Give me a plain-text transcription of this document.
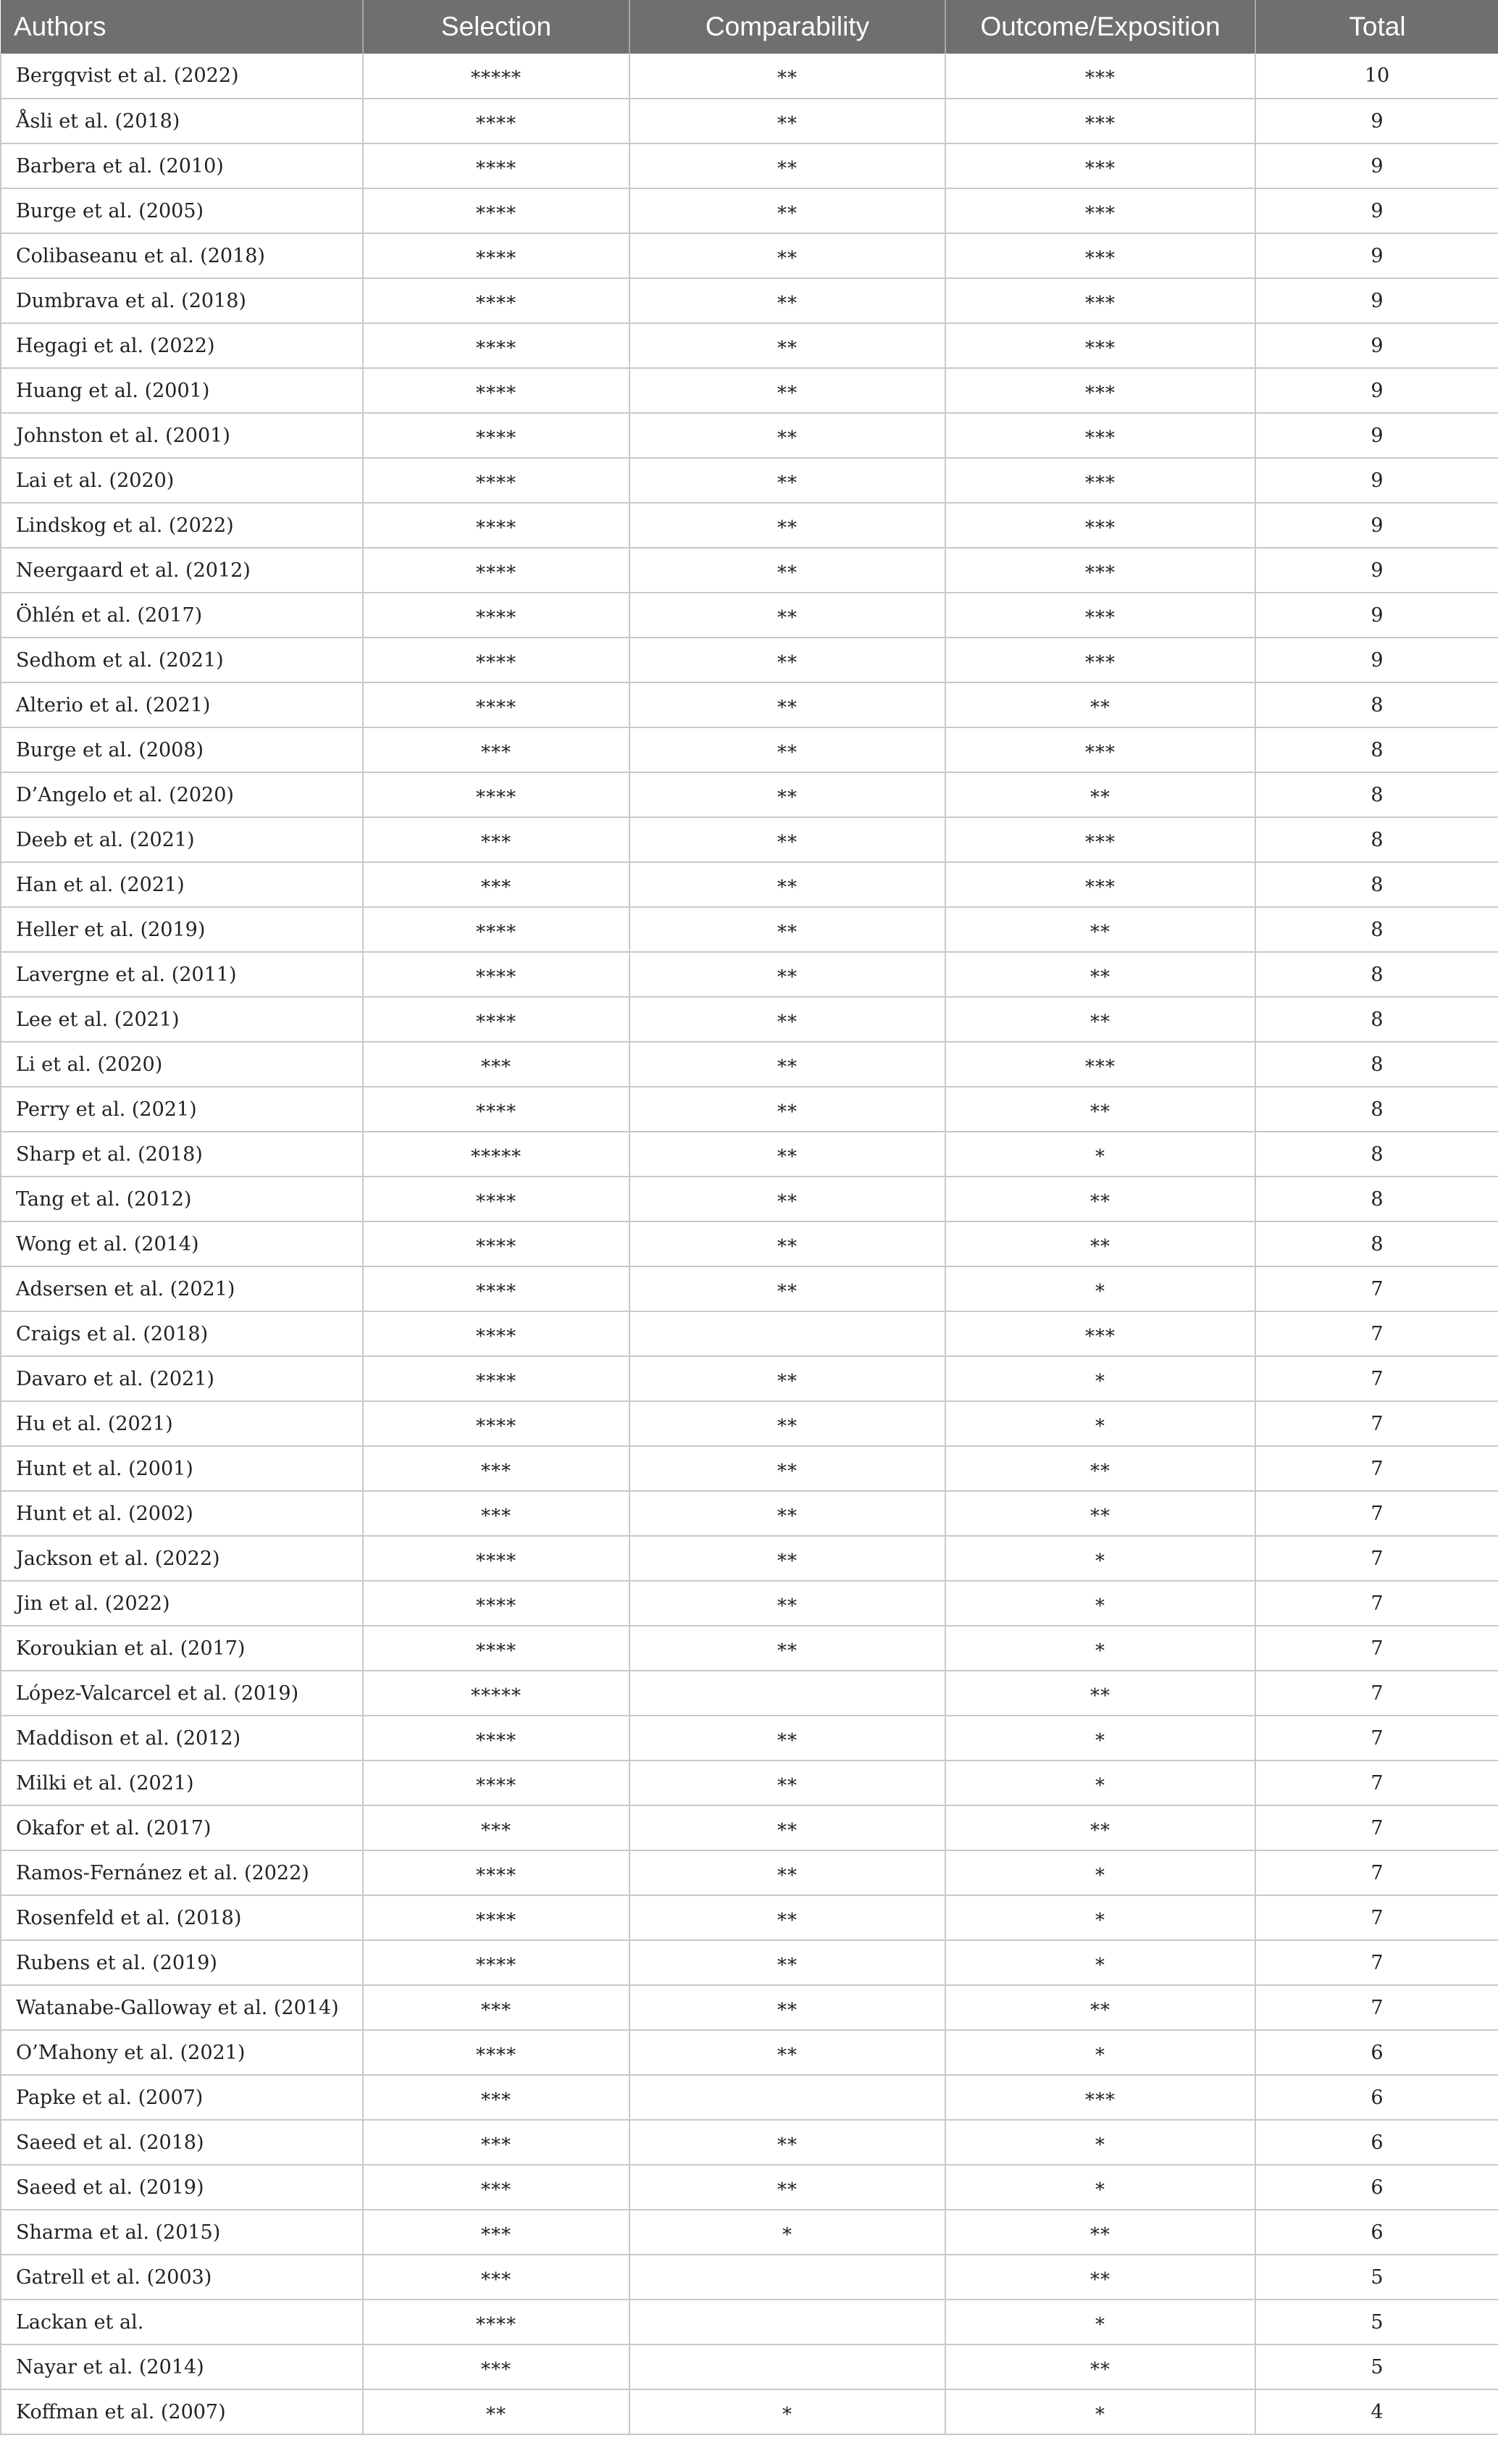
Authors	Selection	Comparability	Outcome/Exposition	Total
Bergqvist et al. (2022)	*****	**	***	10
Åsli et al. (2018)	****	**	***	9
Barbera et al. (2010)	****	**	***	9
Burge et al. (2005)	****	**	***	9
Colibaseanu et al. (2018)	****	**	***	9
Dumbrava et al. (2018)	****	**	***	9
Hegagi et al. (2022)	****	**	***	9
Huang et al. (2001)	****	**	***	9
Johnston et al. (2001)	****	**	***	9
Lai et al. (2020)	****	**	***	9
Lindskog et al. (2022)	****	**	***	9
Neergaard et al. (2012)	****	**	***	9
Öhlén et al. (2017)	****	**	***	9
Sedhom et al. (2021)	****	**	***	9
Alterio et al. (2021)	****	**	**	8
Burge et al. (2008)	***	**	***	8
D’Angelo et al. (2020)	****	**	**	8
Deeb et al. (2021)	***	**	***	8
Han et al. (2021)	***	**	***	8
Heller et al. (2019)	****	**	**	8
Lavergne et al. (2011)	****	**	**	8
Lee et al. (2021)	****	**	**	8
Li et al. (2020)	***	**	***	8
Perry et al. (2021)	****	**	**	8
Sharp et al. (2018)	*****	**	*	8
Tang et al. (2012)	****	**	**	8
Wong et al. (2014)	****	**	**	8
Adsersen et al. (2021)	****	**	*	7
Craigs et al. (2018)	****		***	7
Davaro et al. (2021)	****	**	*	7
Hu et al. (2021)	****	**	*	7
Hunt et al. (2001)	***	**	**	7
Hunt et al. (2002)	***	**	**	7
Jackson et al. (2022)	****	**	*	7
Jin et al. (2022)	****	**	*	7
Koroukian et al. (2017)	****	**	*	7
López-Valcarcel et al. (2019)	*****		**	7
Maddison et al. (2012)	****	**	*	7
Milki et al. (2021)	****	**	*	7
Okafor et al. (2017)	***	**	**	7
Ramos-Fernánez et al. (2022)	****	**	*	7
Rosenfeld et al. (2018)	****	**	*	7
Rubens et al. (2019)	****	**	*	7
Watanabe-Galloway et al. (2014)	***	**	**	7
O’Mahony et al. (2021)	****	**	*	6
Papke et al. (2007)	***		***	6
Saeed et al. (2018)	***	**	*	6
Saeed et al. (2019)	***	**	*	6
Sharma et al. (2015)	***	*	**	6
Gatrell et al. (2003)	***		**	5
Lackan et al.	****		*	5
Nayar et al. (2014)	***		**	5
Koffman et al. (2007)	**	*	*	4
